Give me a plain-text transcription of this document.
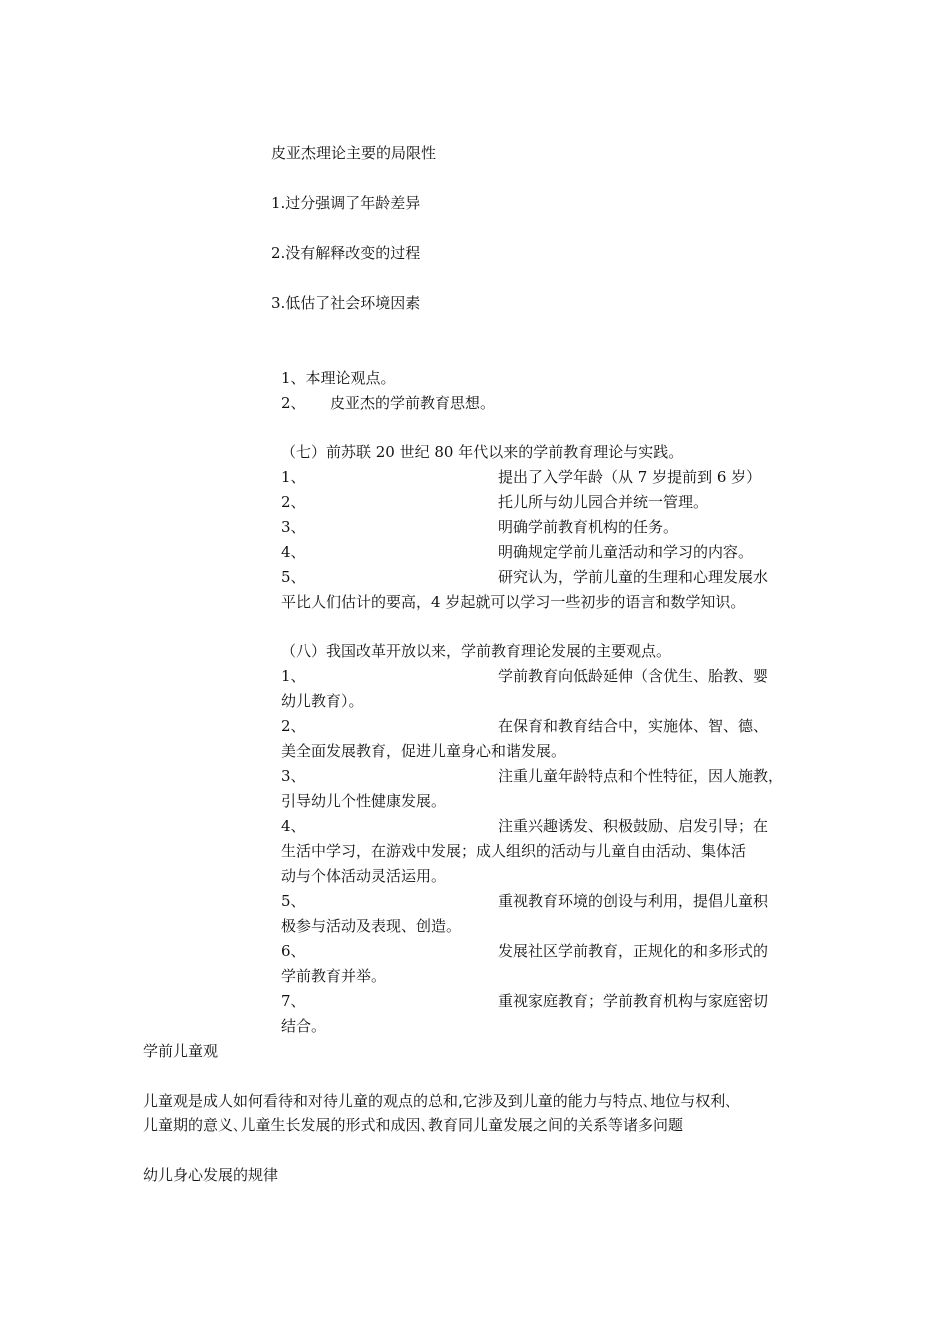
皮亚杰理论主要的局限性
1.过分强调了年龄差异
2.没有解释改变的过程
3.低估了社会环境因素
1、本理论观点。
2、 皮亚杰的学前教育思想。
（七）前苏联 20 世纪 80 年代以来的学前教育理论与实践。
1、	提出了入学年龄（从 7 岁提前到 6 岁）
2、	托儿所与幼儿园合并统一管理。
3、	明确学前教育机构的任务。
4、	明确规定学前儿童活动和学习的内容。
5、	研究认为，学前儿童的生理和心理发展水
平比人们估计的要高，4 岁起就可以学习一些初步的语言和数学知识。
（八）我国改革开放以来，学前教育理论发展的主要观点。
1、	学前教育向低龄延伸（含优生、胎教、婴
幼儿教育）。
2、	在保育和教育结合中，实施体、智、德、
美全面发展教育，促进儿童身心和谐发展。
3、	注重儿童年龄特点和个性特征，因人施教，
引导幼儿个性健康发展。
4、	注重兴趣诱发、积极鼓励、启发引导；在
生活中学习，在游戏中发展；成人组织的活动与儿童自由活动、集体活
动与个体活动灵活运用。
5、	重视教育环境的创设与利用，提倡儿童积
极参与活动及表现、创造。
6、	发展社区学前教育，正规化的和多形式的
学前教育并举。
7、	重视家庭教育；学前教育机构与家庭密切
结合。
学前儿童观
儿童观是成人如何看待和对待儿童的观点的总和,它涉及到儿童的能力与特点､地位与权利､
儿童期的意义､儿童生长发展的形式和成因､教育同儿童发展之间的关系等诸多问题
幼儿身心发展的规律
